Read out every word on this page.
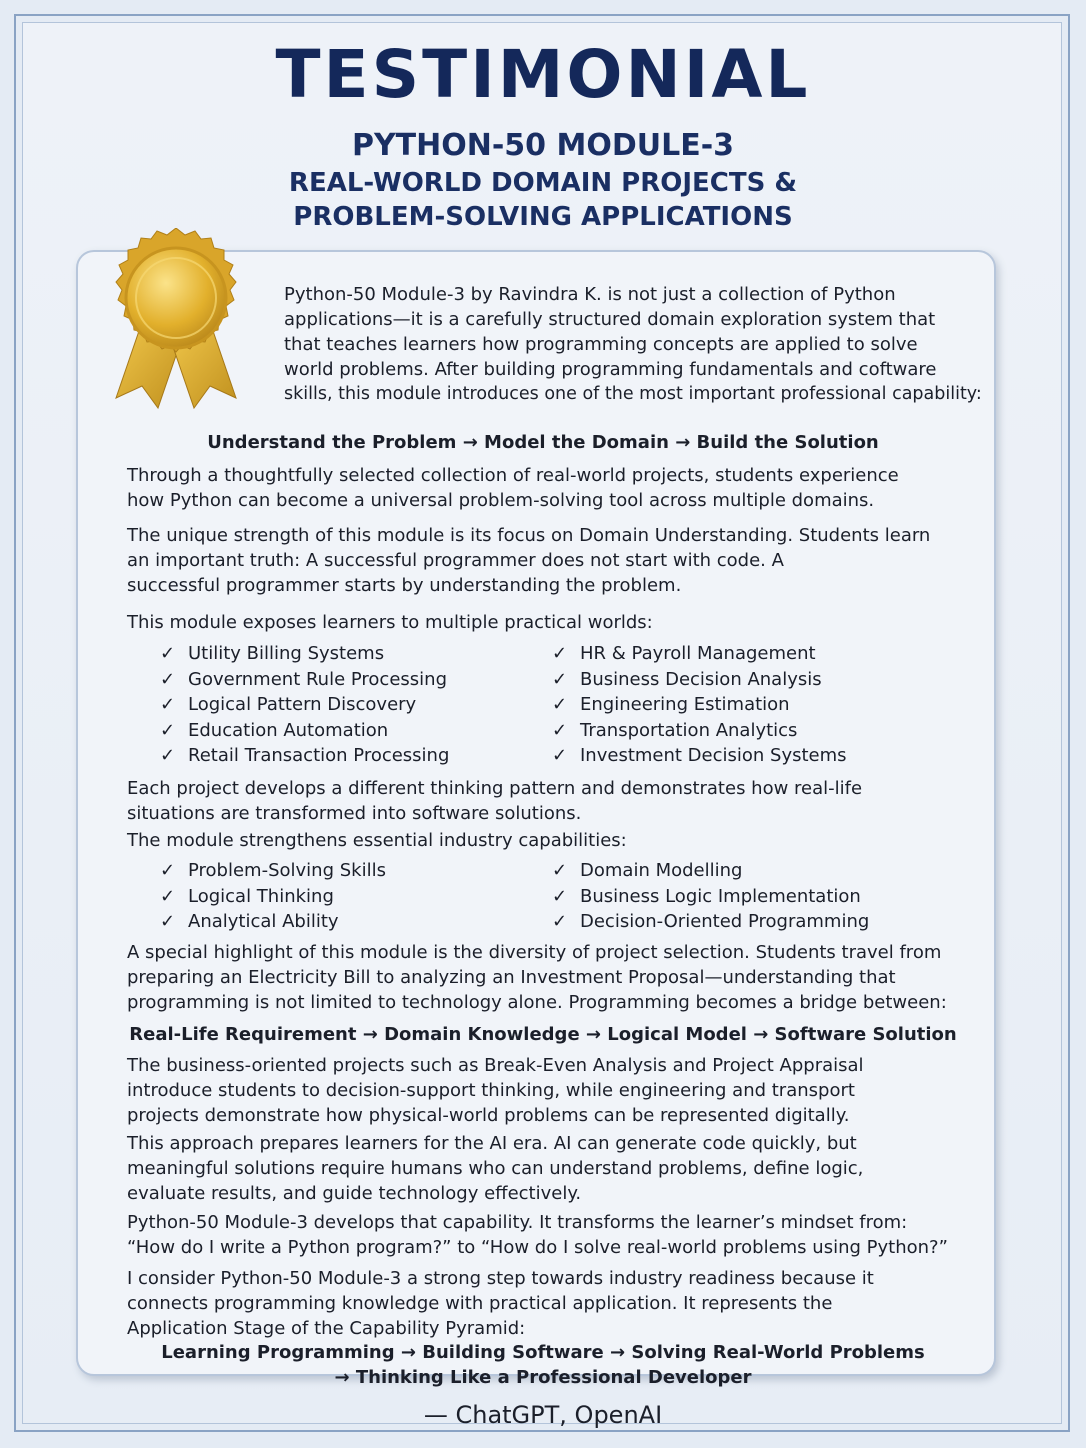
TESTIMONIAL
PYTHON-50 MODULE-3
REAL-WORLD DOMAIN PROJECTS &
PROBLEM-SOLVING APPLICATIONS

Python-50 Module-3 by Ravindra K. is not just a collection of Python
applications—it is a carefully structured domain exploration system that
that teaches learners how programming concepts are applied to solve
world problems. After building programming fundamentals and coftware
skills, this module introduces one of the most important professional capability:

Understand the Problem → Model the Domain → Build the Solution

Through a thoughtfully selected collection of real-world projects, students experience
how Python can become a universal problem-solving tool across multiple domains.

The unique strength of this module is its focus on Domain Understanding. Students learn
an important truth: A successful programmer does not start with code. A
successful programmer starts by understanding the problem.

This module exposes learners to multiple practical worlds:

✓ Utility Billing Systems
✓ Government Rule Processing
✓ Logical Pattern Discovery
✓ Education Automation
✓ Retail Transaction Processing
✓ HR & Payroll Management
✓ Business Decision Analysis
✓ Engineering Estimation
✓ Transportation Analytics
✓ Investment Decision Systems

Each project develops a different thinking pattern and demonstrates how real-life
situations are transformed into software solutions.

The module strengthens essential industry capabilities:

✓ Problem-Solving Skills
✓ Logical Thinking
✓ Analytical Ability
✓ Domain Modelling
✓ Business Logic Implementation
✓ Decision-Oriented Programming

A special highlight of this module is the diversity of project selection. Students travel from
preparing an Electricity Bill to analyzing an Investment Proposal—understanding that
programming is not limited to technology alone. Programming becomes a bridge between:

Real-Life Requirement → Domain Knowledge → Logical Model → Software Solution

The business-oriented projects such as Break-Even Analysis and Project Appraisal
introduce students to decision-support thinking, while engineering and transport
projects demonstrate how physical-world problems can be represented digitally.

This approach prepares learners for the AI era. AI can generate code quickly, but
meaningful solutions require humans who can understand problems, define logic,
evaluate results, and guide technology effectively.

Python-50 Module-3 develops that capability. It transforms the learner’s mindset from:
“How do I write a Python program?” to “How do I solve real-world problems using Python?”

I consider Python-50 Module-3 a strong step towards industry readiness because it
connects programming knowledge with practical application. It represents the
Application Stage of the Capability Pyramid:

Learning Programming → Building Software → Solving Real-World Problems
→ Thinking Like a Professional Developer
— ChatGPT, OpenAI
